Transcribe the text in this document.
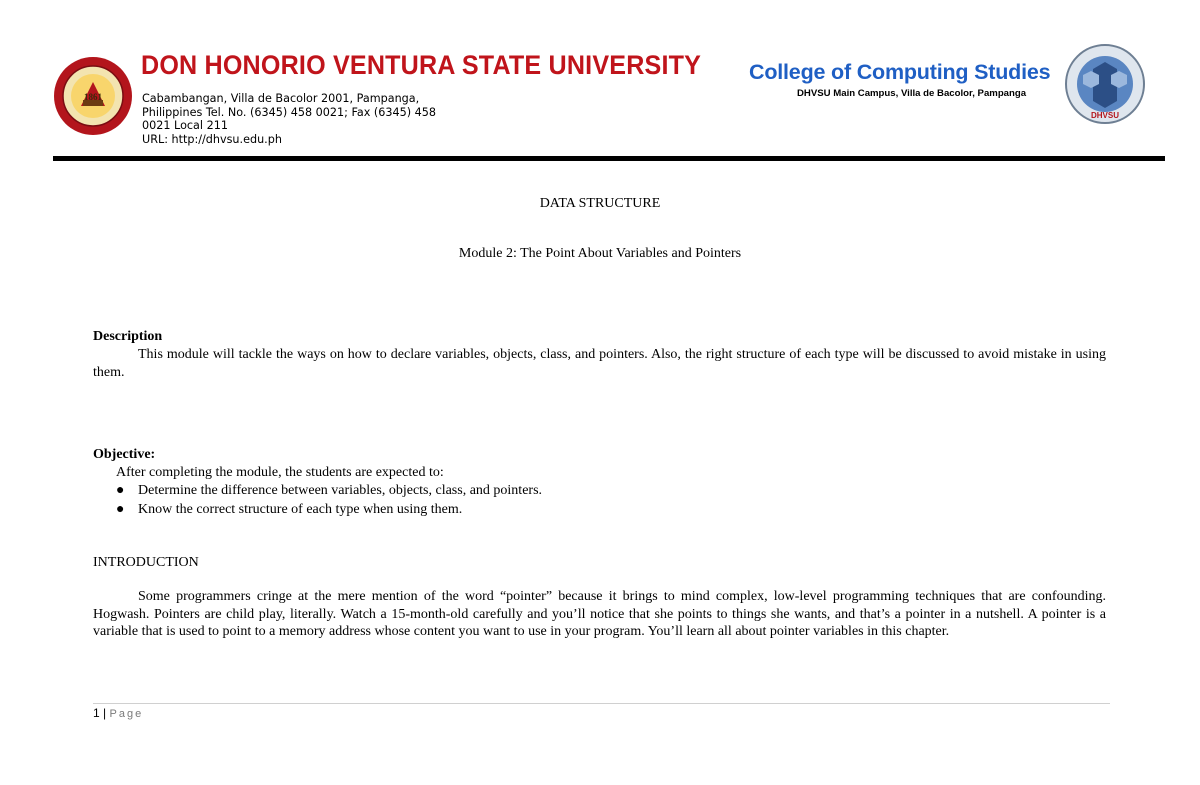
1861
DON HONORIO VENTURA STATE UNIVERSITY
Cabambangan, Villa de Bacolor 2001, Pampanga,
Philippines Tel. No. (6345) 458 0021; Fax (6345) 458
0021 Local 211
URL: http://dhvsu.edu.ph
College of Computing Studies
DHVSU Main Campus, Villa de Bacolor, Pampanga
DHVSU
DATA STRUCTURE
Module 2: The Point About Variables and Pointers
Description
This module will tackle the ways on how to declare variables, objects, class, and pointers. Also, the right structure of each type will be discussed to avoid mistake in using them.
Objective:
After completing the module, the students are expected to:
● Determine the difference between variables, objects, class, and pointers.
● Know the correct structure of each type when using them.
INTRODUCTION
Some programmers cringe at the mere mention of the word “pointer” because it brings to mind complex, low-level programming techniques that are confounding. Hogwash. Pointers are child play, literally. Watch a 15-month-old carefully and you’ll notice that she points to things she wants, and that’s a pointer in a nutshell. A pointer is a variable that is used to point to a memory address whose content you want to use in your program. You’ll learn all about pointer variables in this chapter.
1 | Page
